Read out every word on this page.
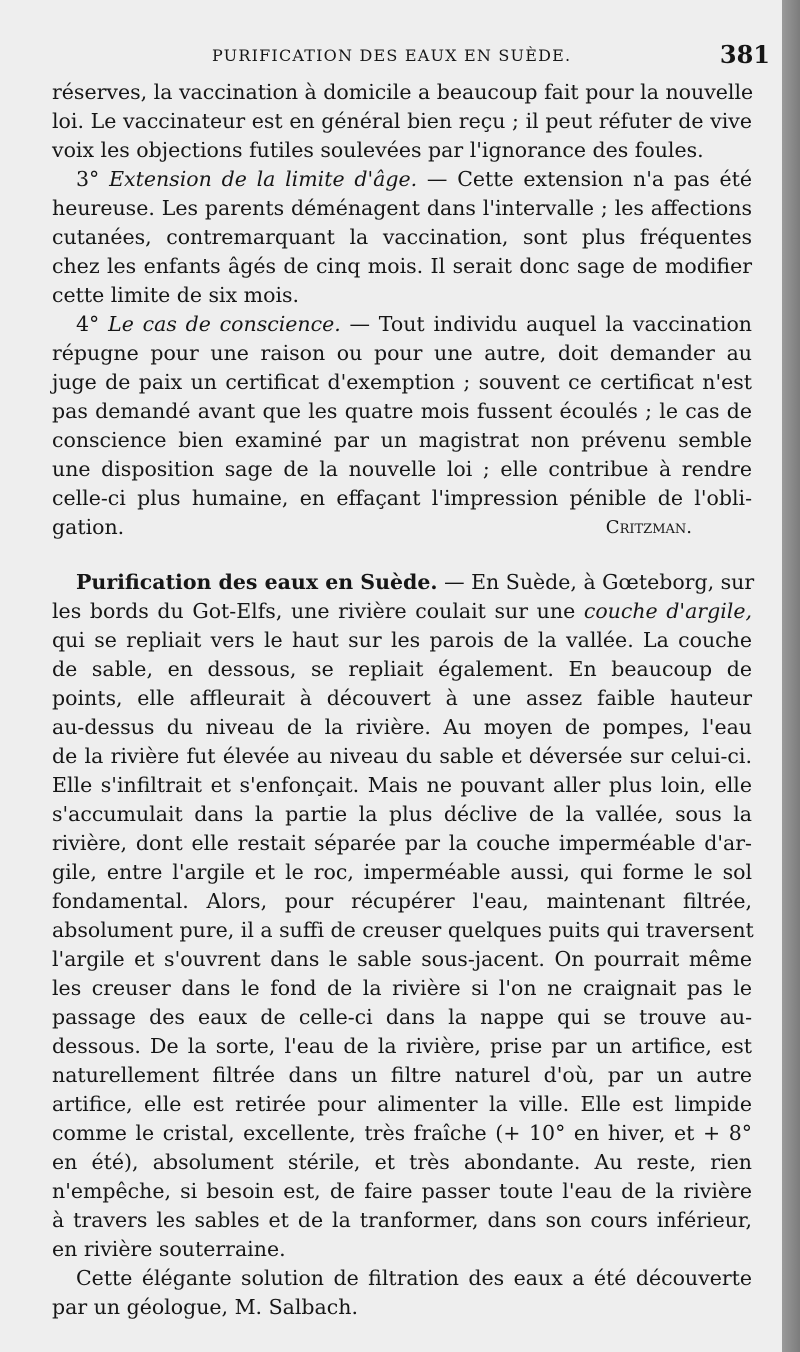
PURIFICATION DES EAUX EN SUÈDE.	381
réserves, la vaccination à domicile a beaucoup fait pour la nouvelle
loi. Le vaccinateur est en général bien reçu ; il peut réfuter de vive
voix les objections futiles soulevées par l'ignorance des foules.
3° Extension de la limite d'âge. — Cette extension n'a pas été
heureuse. Les parents déménagent dans l'intervalle ; les affections
cutanées, contremarquant la vaccination, sont plus fréquentes
chez les enfants âgés de cinq mois. Il serait donc sage de modifier
cette limite de six mois.
4° Le cas de conscience. — Tout individu auquel la vaccination
répugne pour une raison ou pour une autre, doit demander au
juge de paix un certificat d'exemption ; souvent ce certificat n'est
pas demandé avant que les quatre mois fussent écoulés ; le cas de
conscience bien examiné par un magistrat non prévenu semble
une disposition sage de la nouvelle loi ; elle contribue à rendre
celle-ci plus humaine, en effaçant l'impression pénible de l'obli-
gation.	Critzman.
Purification des eaux en Suède. — En Suède, à Gœteborg, sur
les bords du Got-Elfs, une rivière coulait sur une couche d'argile,
qui se repliait vers le haut sur les parois de la vallée. La couche
de sable, en dessous, se repliait également. En beaucoup de
points, elle affleurait à découvert à une assez faible hauteur
au-dessus du niveau de la rivière. Au moyen de pompes, l'eau
de la rivière fut élevée au niveau du sable et déversée sur celui-ci.
Elle s'infiltrait et s'enfonçait. Mais ne pouvant aller plus loin, elle
s'accumulait dans la partie la plus déclive de la vallée, sous la
rivière, dont elle restait séparée par la couche imperméable d'ar-
gile, entre l'argile et le roc, imperméable aussi, qui forme le sol
fondamental. Alors, pour récupérer l'eau, maintenant filtrée,
absolument pure, il a suffi de creuser quelques puits qui traversent
l'argile et s'ouvrent dans le sable sous-jacent. On pourrait même
les creuser dans le fond de la rivière si l'on ne craignait pas le
passage des eaux de celle-ci dans la nappe qui se trouve au-
dessous. De la sorte, l'eau de la rivière, prise par un artifice, est
naturellement filtrée dans un filtre naturel d'où, par un autre
artifice, elle est retirée pour alimenter la ville. Elle est limpide
comme le cristal, excellente, très fraîche (+ 10° en hiver, et + 8°
en été), absolument stérile, et très abondante. Au reste, rien
n'empêche, si besoin est, de faire passer toute l'eau de la rivière
à travers les sables et de la tranformer, dans son cours inférieur,
en rivière souterraine.
Cette élégante solution de filtration des eaux a été découverte
par un géologue, M. Salbach.
